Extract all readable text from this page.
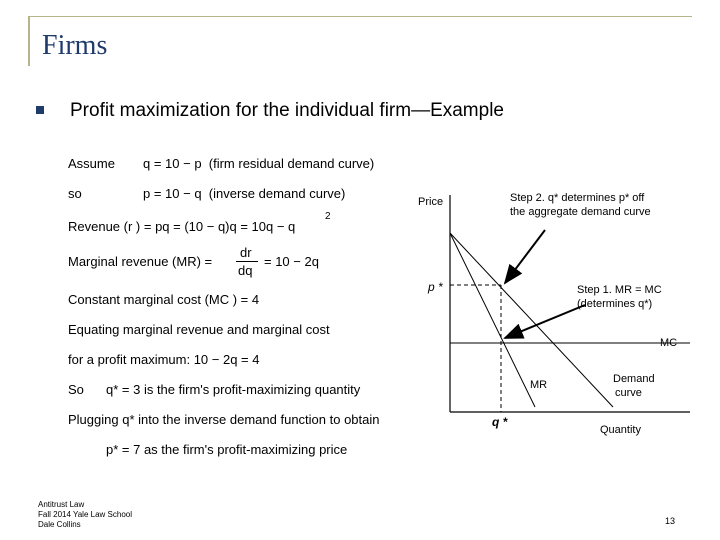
Firms
Profit maximization for the individual firm—Example
Assume q = 10 − p  (firm residual demand curve)
so	p = 10 − q  (inverse demand curve)
Revenue (r ) = pq = (10 − q)q = 10q − q
2
Marginal revenue (MR) =
dr
dq
= 10 − 2q
Constant marginal cost (MC ) = 4
Equating marginal revenue and marginal cost
for a profit maximum: 10 − 2q = 4
So q* = 3 is the firm's profit-maximizing quantity
Plugging q* into the inverse demand function to obtain
p* = 7 as the firm's profit-maximizing price
Price
Quantity
p *
q *
MC
MR	Demand
curve
Step 2. q* determines p* off
the aggregate demand curve
Step 1. MR = MC
(determines q*)
Antitrust Law
Fall 2014 Yale Law School
Dale Collins	13
